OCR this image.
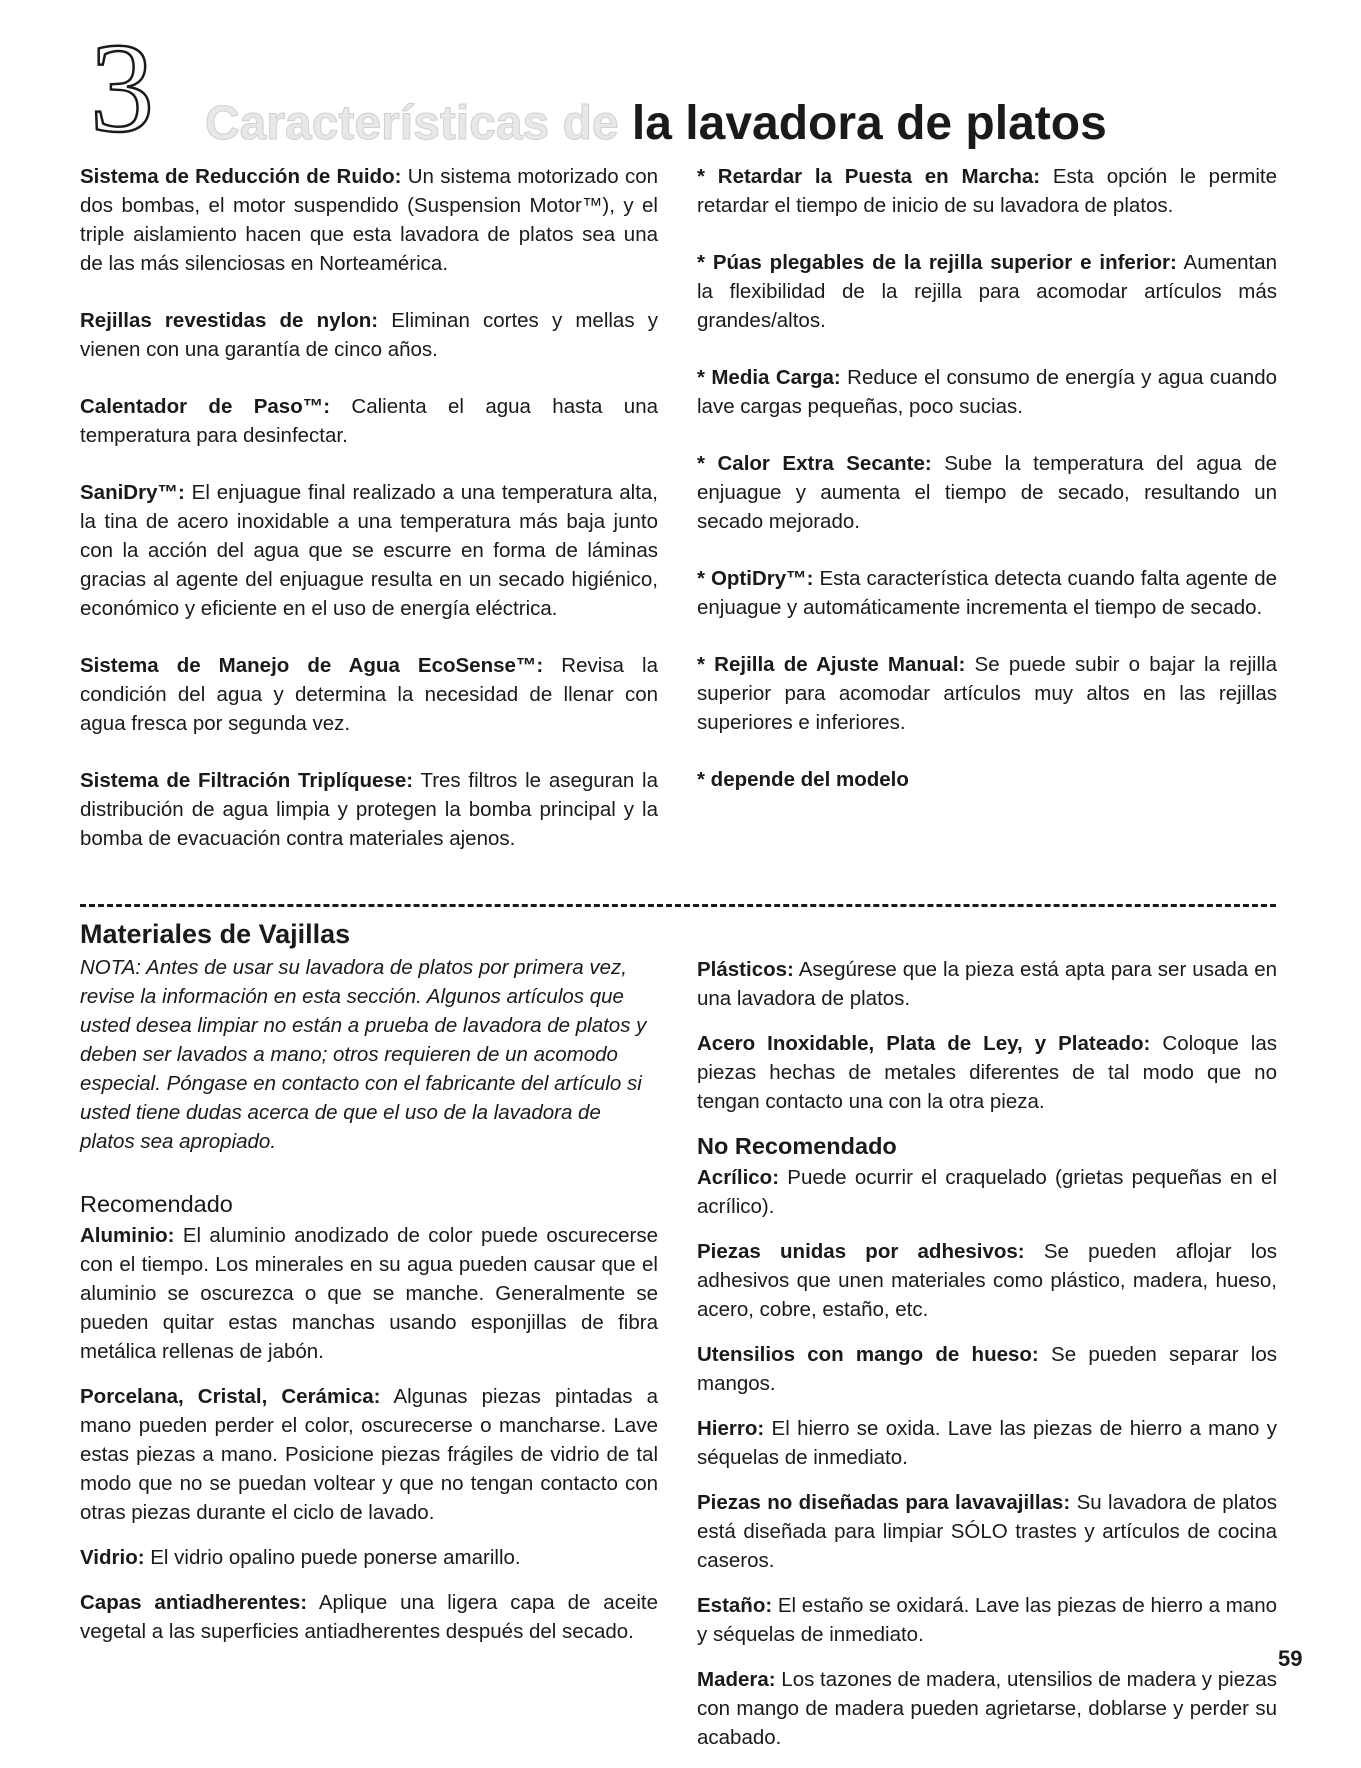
3 Características de la lavadora de platos

Sistema de Reducción de Ruido: Un sistema motorizado con dos bombas, el motor suspendido (Suspension Motor™), y el triple aislamiento hacen que esta lavadora de platos sea una de las más silenciosas en Norteamérica.

Rejillas revestidas de nylon: Eliminan cortes y mellas y vienen con una garantía de cinco años.

Calentador de Paso™: Calienta el agua hasta una temperatura para desinfectar.

SaniDry™: El enjuague final realizado a una temperatura alta, la tina de acero inoxidable a una temperatura más baja junto con la acción del agua que se escurre en forma de láminas gracias al agente del enjuague resulta en un secado higiénico, económico y eficiente en el uso de energía eléctrica.

Sistema de Manejo de Agua EcoSense™: Revisa la condición del agua y determina la necesidad de llenar con agua fresca por segunda vez.

Sistema de Filtración Triplíquese: Tres filtros le aseguran la distribución de agua limpia y protegen la bomba principal y la bomba de evacuación contra materiales ajenos.

* Retardar la Puesta en Marcha: Esta opción le permite retardar el tiempo de inicio de su lavadora de platos.

* Púas plegables de la rejilla superior e inferior: Aumentan la flexibilidad de la rejilla para acomodar artículos más grandes/altos.

* Media Carga: Reduce el consumo de energía y agua cuando lave cargas pequeñas, poco sucias.

* Calor Extra Secante: Sube la temperatura del agua de enjuague y aumenta el tiempo de secado, resultando un secado mejorado.

* OptiDry™: Esta característica detecta cuando falta agente de enjuague y automáticamente incrementa el tiempo de secado.

* Rejilla de Ajuste Manual: Se puede subir o bajar la rejilla superior para acomodar artículos muy altos en las rejillas superiores e inferiores.

* depende del modelo

Materiales de Vajillas

NOTA: Antes de usar su lavadora de platos por primera vez, revise la información en esta sección. Algunos artículos que usted desea limpiar no están a prueba de lavadora de platos y deben ser lavados a mano; otros requieren de un acomodo especial. Póngase en contacto con el fabricante del artículo si usted tiene dudas acerca de que el uso de la lavadora de platos sea apropiado.

Recomendado

Aluminio: El aluminio anodizado de color puede oscurecerse con el tiempo. Los minerales en su agua pueden causar que el aluminio se oscurezca o que se manche. Generalmente se pueden quitar estas manchas usando esponjillas de fibra metálica rellenas de jabón.

Porcelana, Cristal, Cerámica: Algunas piezas pintadas a mano pueden perder el color, oscurecerse o mancharse. Lave estas piezas a mano. Posicione piezas frágiles de vidrio de tal modo que no se puedan voltear y que no tengan contacto con otras piezas durante el ciclo de lavado.

Vidrio: El vidrio opalino puede ponerse amarillo.

Capas antiadherentes: Aplique una ligera capa de aceite vegetal a las superficies antiadherentes después del secado.

Plásticos: Asegúrese que la pieza está apta para ser usada en una lavadora de platos.

Acero Inoxidable, Plata de Ley, y Plateado: Coloque las piezas hechas de metales diferentes de tal modo que no tengan contacto una con la otra pieza.

No Recomendado

Acrílico: Puede ocurrir el craquelado (grietas pequeñas en el acrílico).

Piezas unidas por adhesivos: Se pueden aflojar los adhesivos que unen materiales como plástico, madera, hueso, acero, cobre, estaño, etc.

Utensilios con mango de hueso: Se pueden separar los mangos.

Hierro: El hierro se oxida. Lave las piezas de hierro a mano y séquelas de inmediato.

Piezas no diseñadas para lavavajillas: Su lavadora de platos está diseñada para limpiar SÓLO trastes y artículos de cocina caseros.

Estaño: El estaño se oxidará. Lave las piezas de hierro a mano y séquelas de inmediato.

Madera: Los tazones de madera, utensilios de madera y piezas con mango de madera pueden agrietarse, doblarse y perder su acabado.

59
